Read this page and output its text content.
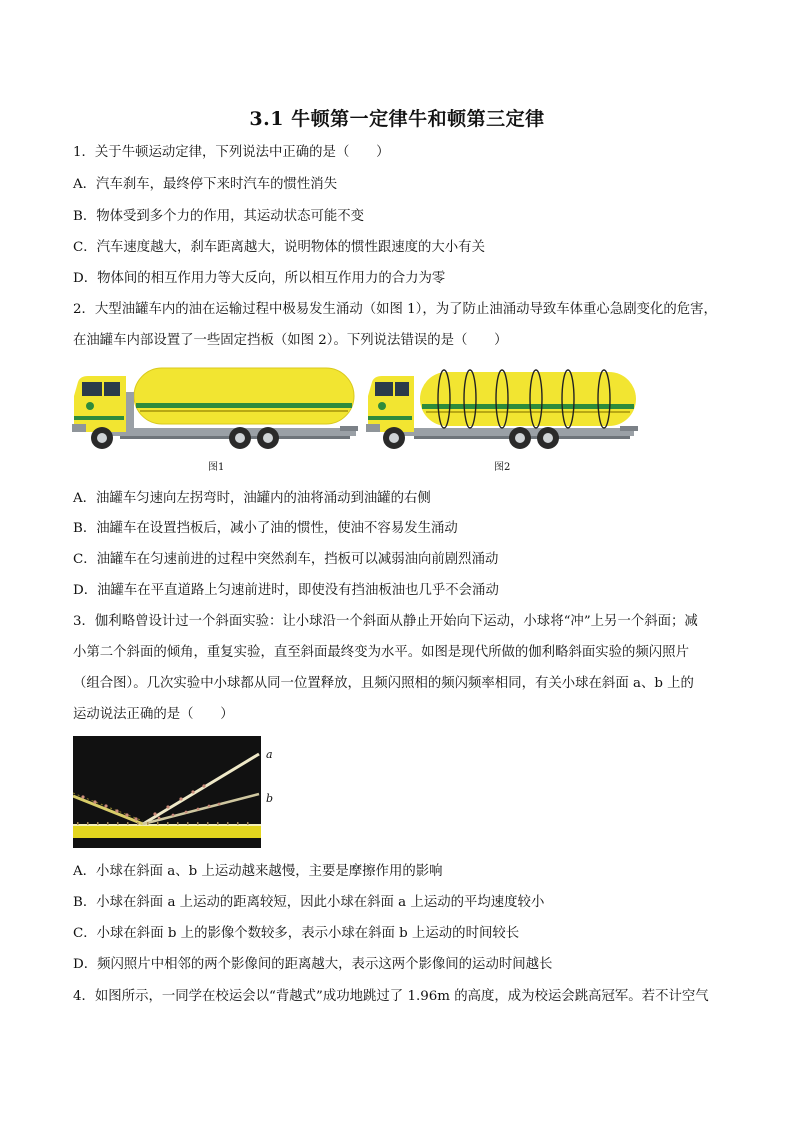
3.1 牛顿第一定律牛和顿第三定律
1．关于牛顿运动定律，下列说法中正确的是（　　）
A．汽车刹车，最终停下来时汽车的惯性消失
B．物体受到多个力的作用，其运动状态可能不变
C．汽车速度越大，刹车距离越大，说明物体的惯性跟速度的大小有关
D．物体间的相互作用力等大反向，所以相互作用力的合力为零
2．大型油罐车内的油在运输过程中极易发生涌动（如图 1），为了防止油涌动导致车体重心急剧变化的危害，
在油罐车内部设置了一些固定挡板（如图 2）。下列说法错误的是（　　）
图1	图2
A．油罐车匀速向左拐弯时，油罐内的油将涌动到油罐的右侧
B．油罐车在设置挡板后，减小了油的惯性，使油不容易发生涌动
C．油罐车在匀速前进的过程中突然刹车，挡板可以减弱油向前剧烈涌动
D．油罐车在平直道路上匀速前进时，即使没有挡油板油也几乎不会涌动
3．伽利略曾设计过一个斜面实验：让小球沿一个斜面从静止开始向下运动，小球将“冲”上另一个斜面；减
小第二个斜面的倾角，重复实验，直至斜面最终变为水平。如图是现代所做的伽利略斜面实验的频闪照片
（组合图）。几次实验中小球都从同一位置释放，且频闪照相的频闪频率相同，有关小球在斜面 a、b 上的
运动说法正确的是（　　）
a
b
A．小球在斜面 a、b 上运动越来越慢，主要是摩擦作用的影响
B．小球在斜面 a 上运动的距离较短，因此小球在斜面 a 上运动的平均速度较小
C．小球在斜面 b 上的影像个数较多，表示小球在斜面 b 上运动的时间较长
D．频闪照片中相邻的两个影像间的距离越大，表示这两个影像间的运动时间越长
4．如图所示，一同学在校运会以“背越式”成功地跳过了 1.96m 的高度，成为校运会跳高冠军。若不计空气
